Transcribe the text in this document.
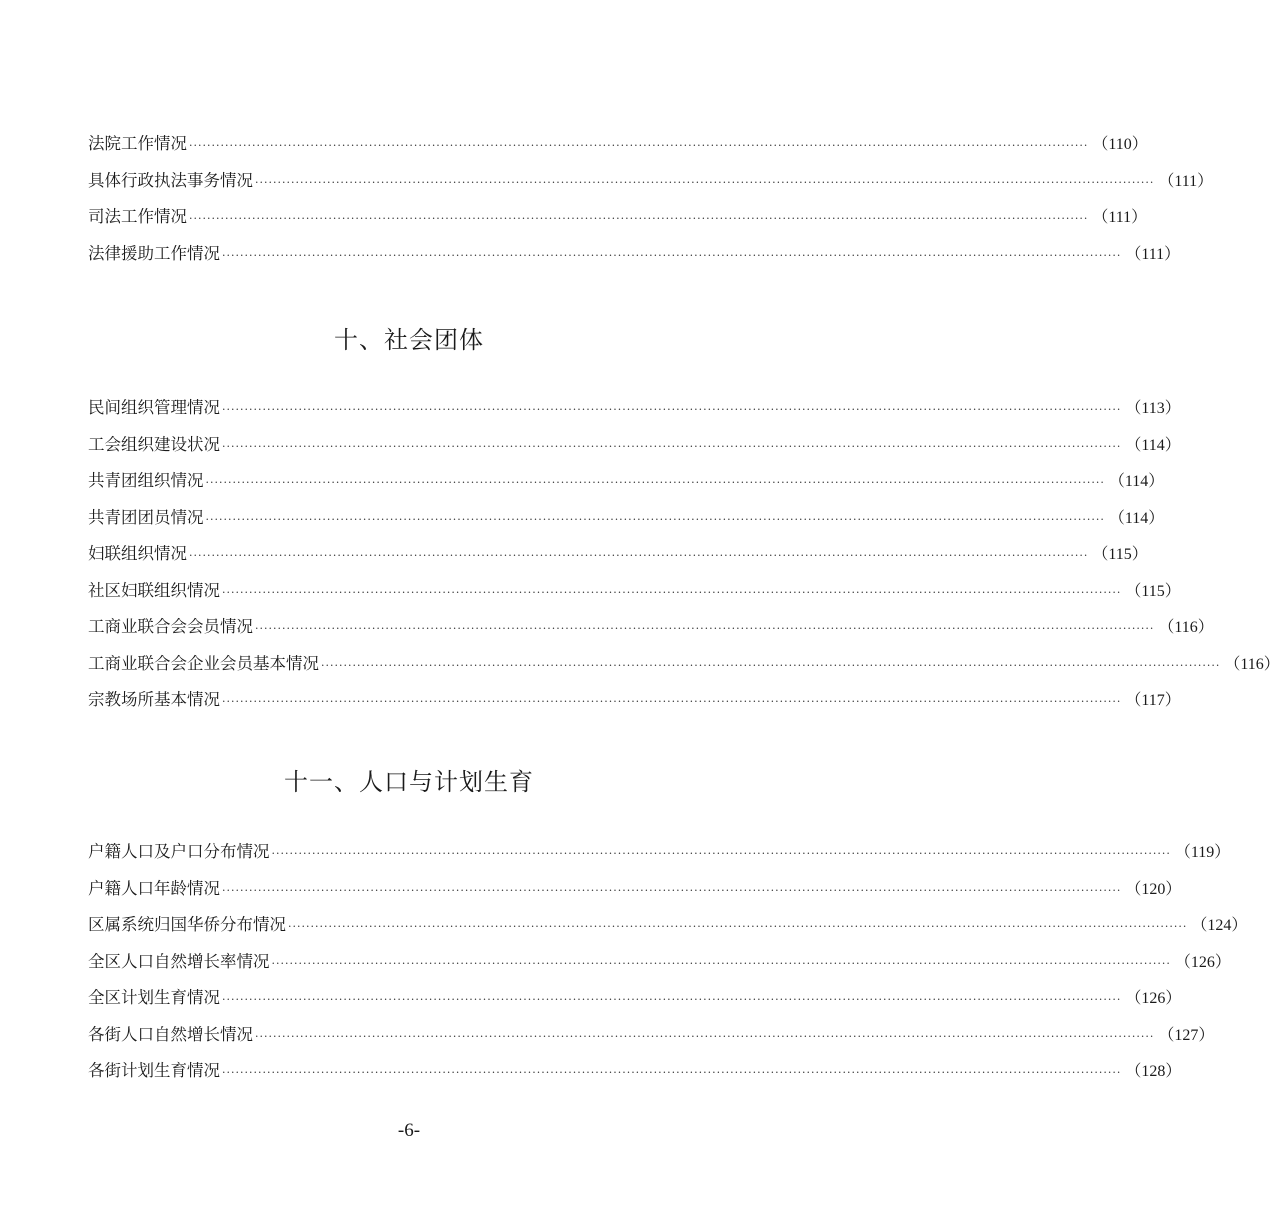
法院工作情况 ········································································································································································································ （110）
具体行政执法事务情况 ········································································································································································································ （111）
司法工作情况 ········································································································································································································ （111）
法律援助工作情况 ········································································································································································································ （111）
十、社会团体
民间组织管理情况 ········································································································································································································ （113）
工会组织建设状况 ········································································································································································································ （114）
共青团组织情况 ········································································································································································································ （114）
共青团团员情况 ········································································································································································································ （114）
妇联组织情况 ········································································································································································································ （115）
社区妇联组织情况 ········································································································································································································ （115）
工商业联合会会员情况 ········································································································································································································ （116）
工商业联合会企业会员基本情况 ········································································································································································································ （116）
宗教场所基本情况 ········································································································································································································ （117）
十一、人口与计划生育
户籍人口及户口分布情况 ········································································································································································································ （119）
户籍人口年龄情况 ········································································································································································································ （120）
区属系统归国华侨分布情况 ········································································································································································································ （124）
全区人口自然增长率情况 ········································································································································································································ （126）
全区计划生育情况 ········································································································································································································ （126）
各街人口自然增长情况 ········································································································································································································ （127）
各街计划生育情况 ········································································································································································································ （128）
-6-
